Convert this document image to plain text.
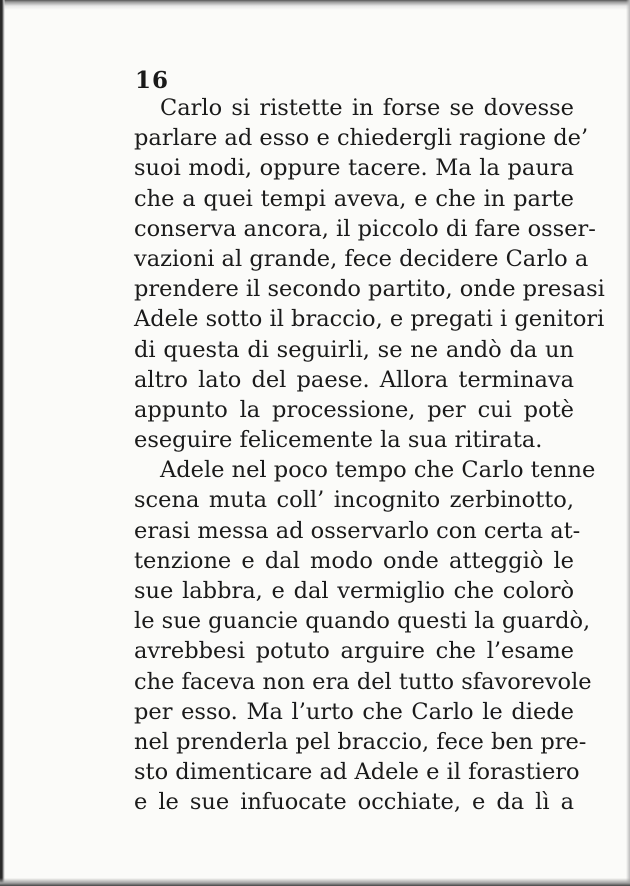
16
Carlo si ristette in forse se dovesse
parlare ad esso e chiedergli ragione de’
suoi modi, oppure tacere. Ma la paura
che a quei tempi aveva, e che in parte
conserva ancora, il piccolo di fare osser-
vazioni al grande, fece decidere Carlo a
prendere il secondo partito, onde presasi
Adele sotto il braccio, e pregati i genitori
di questa di seguirli, se ne andò da un
altro lato del paese. Allora terminava
appunto la processione, per cui potè
eseguire felicemente la sua ritirata.
Adele nel poco tempo che Carlo tenne
scena muta coll’ incognito zerbinotto,
erasi messa ad osservarlo con certa at-
tenzione e dal modo onde atteggiò le
sue labbra, e dal vermiglio che colorò
le sue guancie quando questi la guardò,
avrebbesi potuto arguire che l’esame
che faceva non era del tutto sfavorevole
per esso. Ma l’urto che Carlo le diede
nel prenderla pel braccio, fece ben pre-
sto dimenticare ad Adele e il forastiero
e le sue infuocate occhiate, e da lì a
